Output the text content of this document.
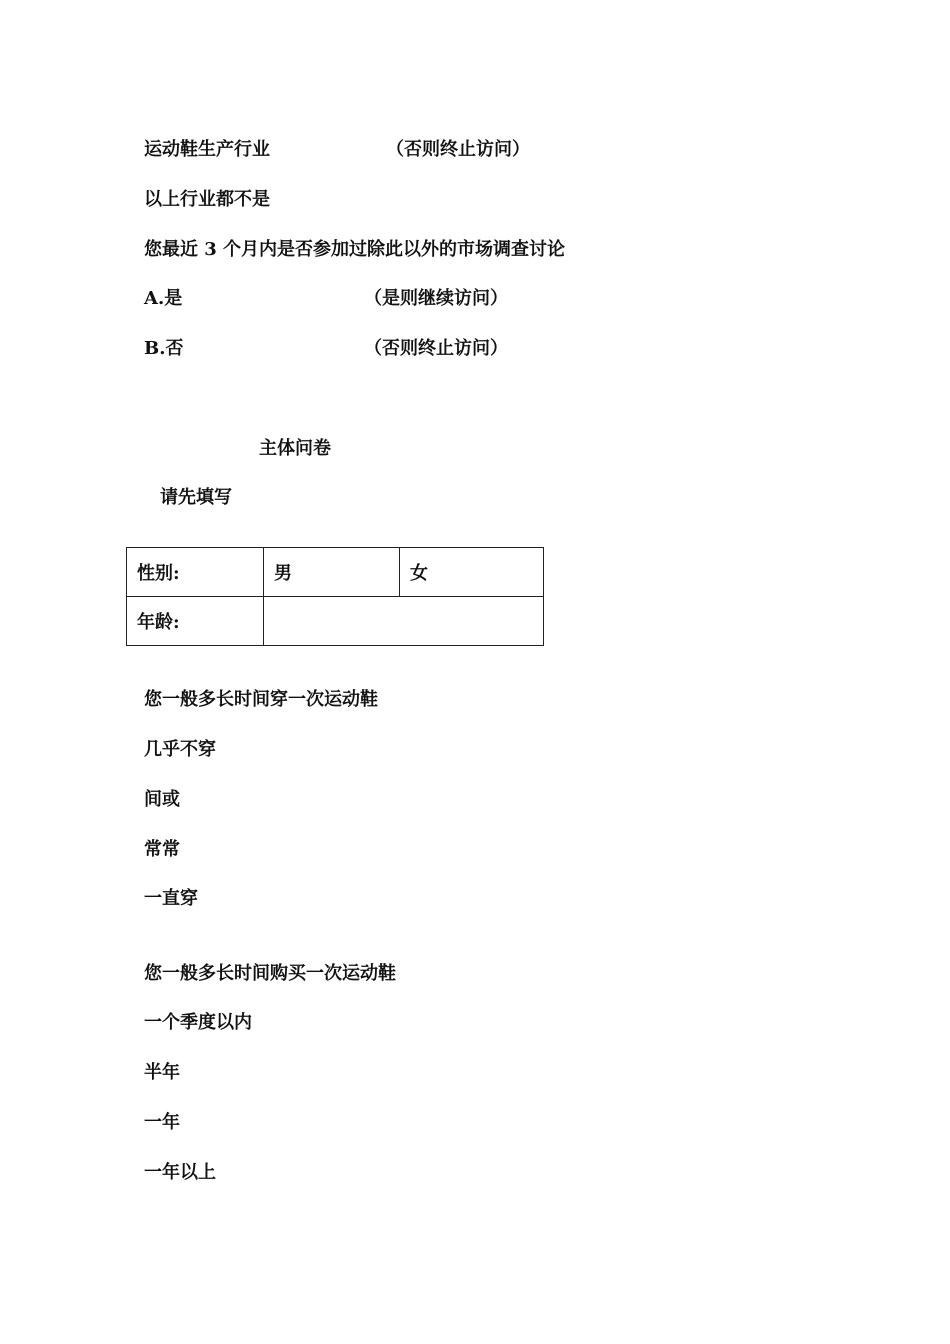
运动鞋生产行业	（否则终止访问）
以上行业都不是
您最近 3 个月内是否参加过除此以外的市场调查讨论
A.是	（是则继续访问）
B.否	（否则终止访问）
主体问卷
请先填写
性别:	男	女
年龄:		
您一般多长时间穿一次运动鞋
几乎不穿
间或
常常
一直穿
您一般多长时间购买一次运动鞋
一个季度以内
半年
一年
一年以上
